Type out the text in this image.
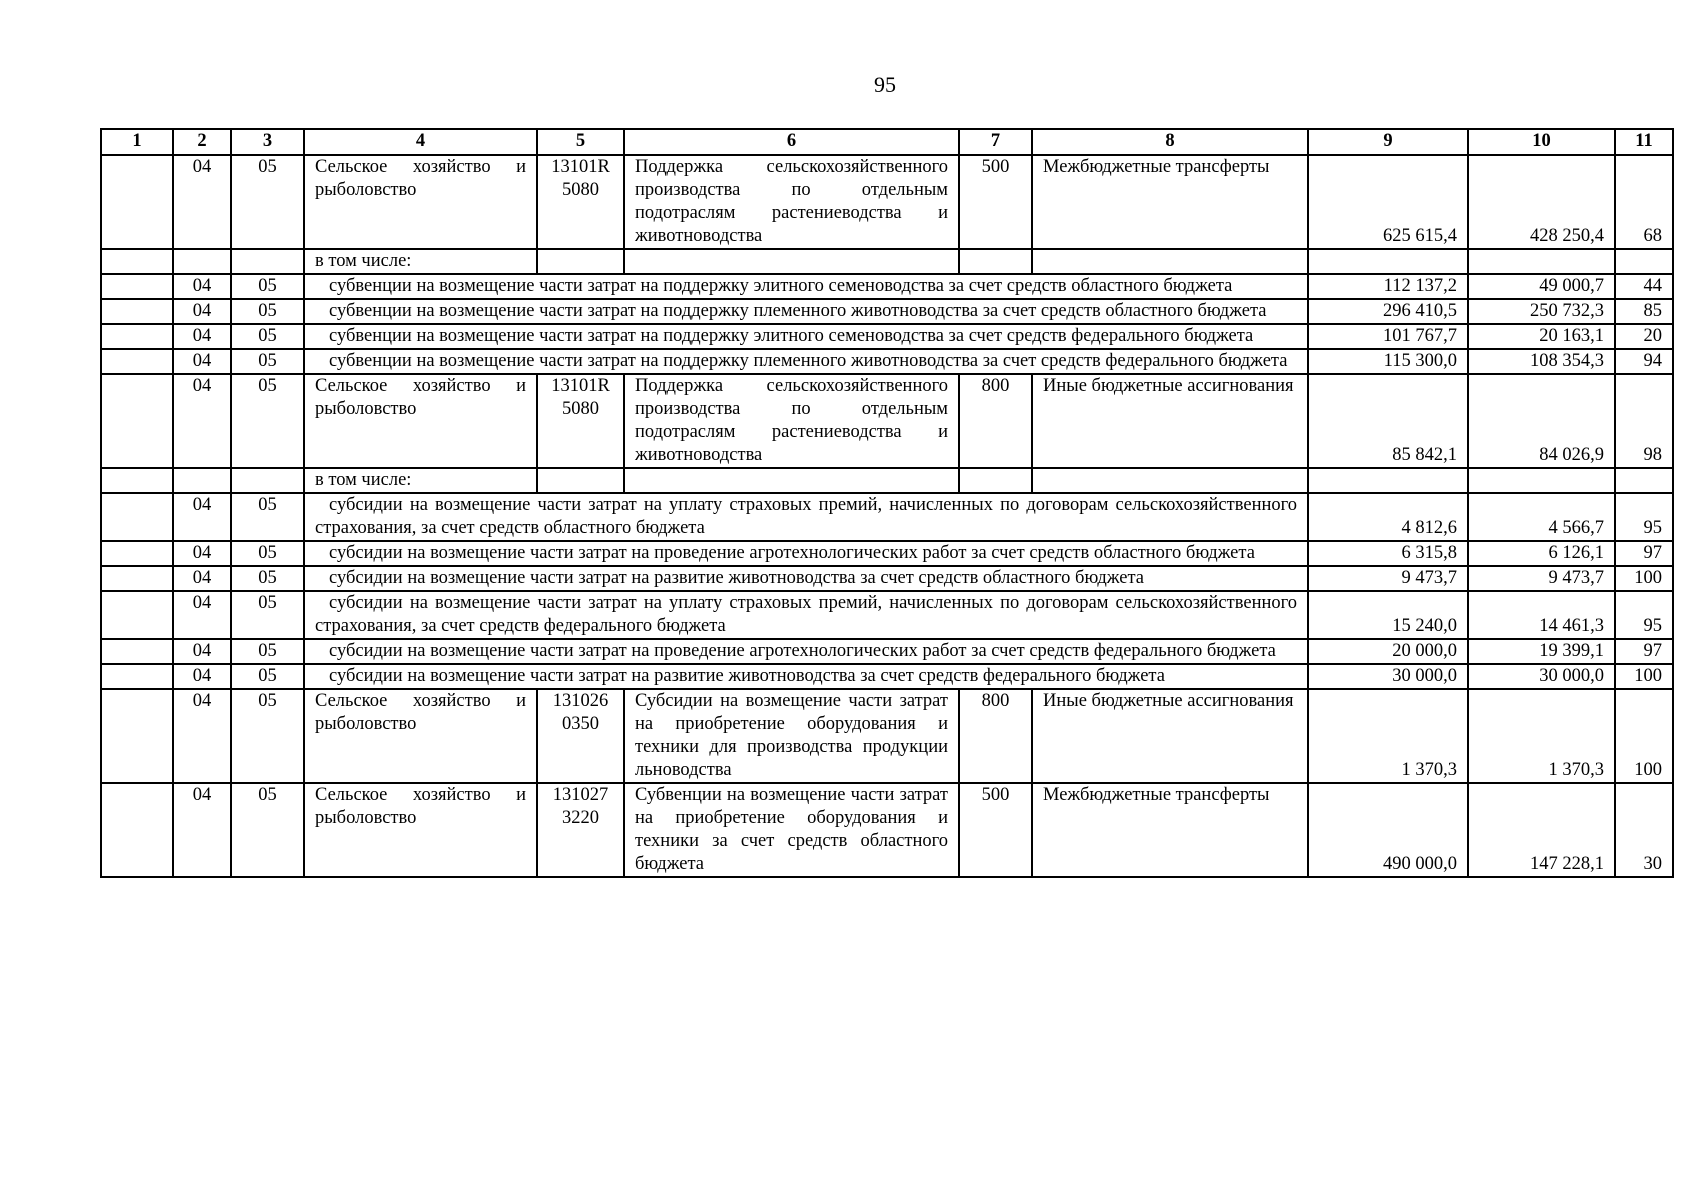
95
1	2	3	4	5	6	7	8	9	10	11
	04	05	Сельское хозяйство и рыболовство	13101R 5080	Поддержка сельскохозяйственного производства по отдельным подотраслям растениеводства и животноводства	500	Межбюджетные трансферты	625 615,4	428 250,4	68
			в том числе:							
	04	05	субвенции на возмещение части затрат на поддержку элитного семеноводства за счет средств областного бюджета					112 137,2	49 000,7	44
	04	05	субвенции на возмещение части затрат на поддержку племенного животноводства за счет средств областного бюджета					296 410,5	250 732,3	85
	04	05	субвенции на возмещение части затрат на поддержку элитного семеноводства за счет средств федерального бюджета					101 767,7	20 163,1	20
	04	05	субвенции на возмещение части затрат на поддержку племенного животноводства за счет средств федерального бюджета					115 300,0	108 354,3	94
	04	05	Сельское хозяйство и рыболовство	13101R 5080	Поддержка сельскохозяйственного производства по отдельным подотраслям растениеводства и животноводства	800	Иные бюджетные ассигнования	85 842,1	84 026,9	98
			в том числе:							
	04	05	субсидии на возмещение части затрат на уплату страховых премий, начисленных по договорам сельскохозяйственного страхования, за счет средств областного бюджета					4 812,6	4 566,7	95
	04	05	субсидии на возмещение части затрат на проведение агротехнологических работ за счет средств областного бюджета					6 315,8	6 126,1	97
	04	05	субсидии на возмещение части затрат на развитие животноводства за счет средств областного бюджета					9 473,7	9 473,7	100
	04	05	субсидии на возмещение части затрат на уплату страховых премий, начисленных по договорам сельскохозяйственного страхования, за счет средств федерального бюджета					15 240,0	14 461,3	95
	04	05	субсидии на возмещение части затрат на проведение агротехнологических работ за счет средств федерального бюджета					20 000,0	19 399,1	97
	04	05	субсидии на возмещение части затрат на развитие животноводства за счет средств федерального бюджета					30 000,0	30 000,0	100
	04	05	Сельское хозяйство и рыболовство	131026 0350	Субсидии на возмещение части затрат на приобретение оборудования и техники для производства продукции льноводства	800	Иные бюджетные ассигнования	1 370,3	1 370,3	100
	04	05	Сельское хозяйство и рыболовство	131027 3220	Субвенции на возмещение части затрат на приобретение оборудования и техники за счет средств областного бюджета	500	Межбюджетные трансферты	490 000,0	147 228,1	30
